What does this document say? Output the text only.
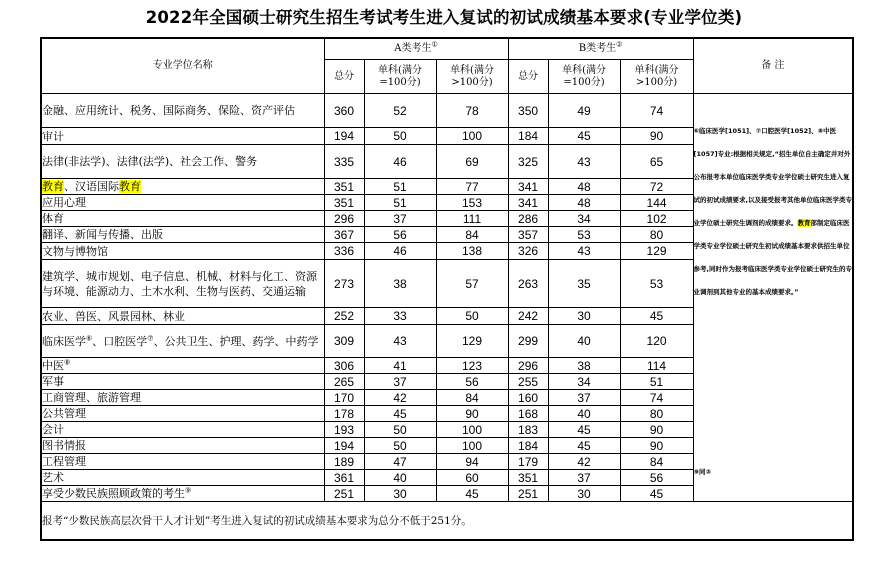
2022年全国硕士研究生招生考试考生进入复试的初试成绩基本要求(专业学位类)
专业学位名称	A类考生①			B类考生②			备 注
	总分	单科(满分
=100分)	单科(满分
>100分)	总分	单科(满分
=100分)	单科(满分
>100分)	
金融、应用统计、税务、国际商务、保险、资产评估	360	52	78	350	49	74	⑥临床医学[1051]、⑦口腔医学[1052]、⑧中医[1057]专业:根据相关规定,“招生单位自主确定并对外公布报考本单位临床医学类专业学位硕士研究生进入复试的初试成绩要求,以及接受报考其他单位临床医学类专业学位硕士研究生调剂的成绩要求。教育部制定临床医学类专业学位硕士研究生初试成绩基本要求供招生单位参考,同时作为报考临床医学类专业学位硕士研究生的专业调剂到其他专业的基本成绩要求。”
⑨同③

审计	194	50	100	184	45	90	
法律(非法学)、法律(法学)、社会工作、警务	335	46	69	325	43	65	
教育、汉语国际教育	351	51	77	341	48	72	
应用心理	351	51	153	341	48	144	
体育	296	37	111	286	34	102	
翻译、新闻与传播、出版	367	56	84	357	53	80	
文物与博物馆	336	46	138	326	43	129	
建筑学、城市规划、电子信息、机械、材料与化工、资源与环境、能源动力、土木水利、生物与医药、交通运输	273	38	57	263	35	53	
农业、兽医、风景园林、林业	252	33	50	242	30	45	
临床医学⑥、口腔医学⑦、公共卫生、护理、药学、中药学	309	43	129	299	40	120	
中医⑧	306	41	123	296	38	114	
军事	265	37	56	255	34	51	
工商管理、旅游管理	170	42	84	160	37	74	
公共管理	178	45	90	168	40	80	
会计	193	50	100	183	45	90	
图书情报	194	50	100	184	45	90	
工程管理	189	47	94	179	42	84	
艺术	361	40	60	351	37	56	
享受少数民族照顾政策的考生⑨	251	30	45	251	30	45	
报考“少数民族高层次骨干人才计划”考生进入复试的初试成绩基本要求为总分不低于251分。							
